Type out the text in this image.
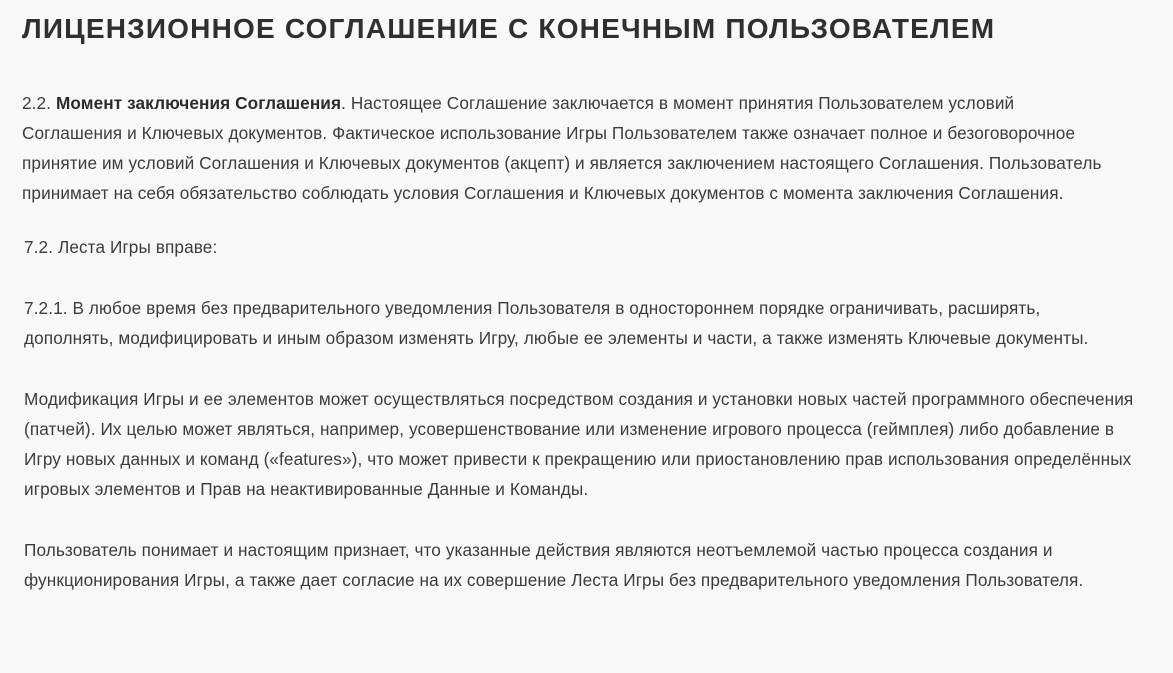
ЛИЦЕНЗИОННОЕ СОГЛАШЕНИЕ С КОНЕЧНЫМ ПОЛЬЗОВАТЕЛЕМ

2.2. Момент заключения Соглашения. Настоящее Соглашение заключается в момент принятия Пользователем условий Соглашения и Ключевых документов. Фактическое использование Игры Пользователем также означает полное и безоговорочное принятие им условий Соглашения и Ключевых документов (акцепт) и является заключением настоящего Соглашения. Пользователь принимает на себя обязательство соблюдать условия Соглашения и Ключевых документов с момента заключения Соглашения.

7.2. Леста Игры вправе:

7.2.1. В любое время без предварительного уведомления Пользователя в одностороннем порядке ограничивать, расширять, дополнять, модифицировать и иным образом изменять Игру, любые ее элементы и части, а также изменять Ключевые документы.

Модификация Игры и ее элементов может осуществляться посредством создания и установки новых частей программного обеспечения (патчей). Их целью может являться, например, усовершенствование или изменение игрового процесса (геймплея) либо добавление в Игру новых данных и команд («features»), что может привести к прекращению или приостановлению прав использования определённых игровых элементов и Прав на неактивированные Данные и Команды.

Пользователь понимает и настоящим признает, что указанные действия являются неотъемлемой частью процесса создания и функционирования Игры, а также дает согласие на их совершение Леста Игры без предварительного уведомления Пользователя.
